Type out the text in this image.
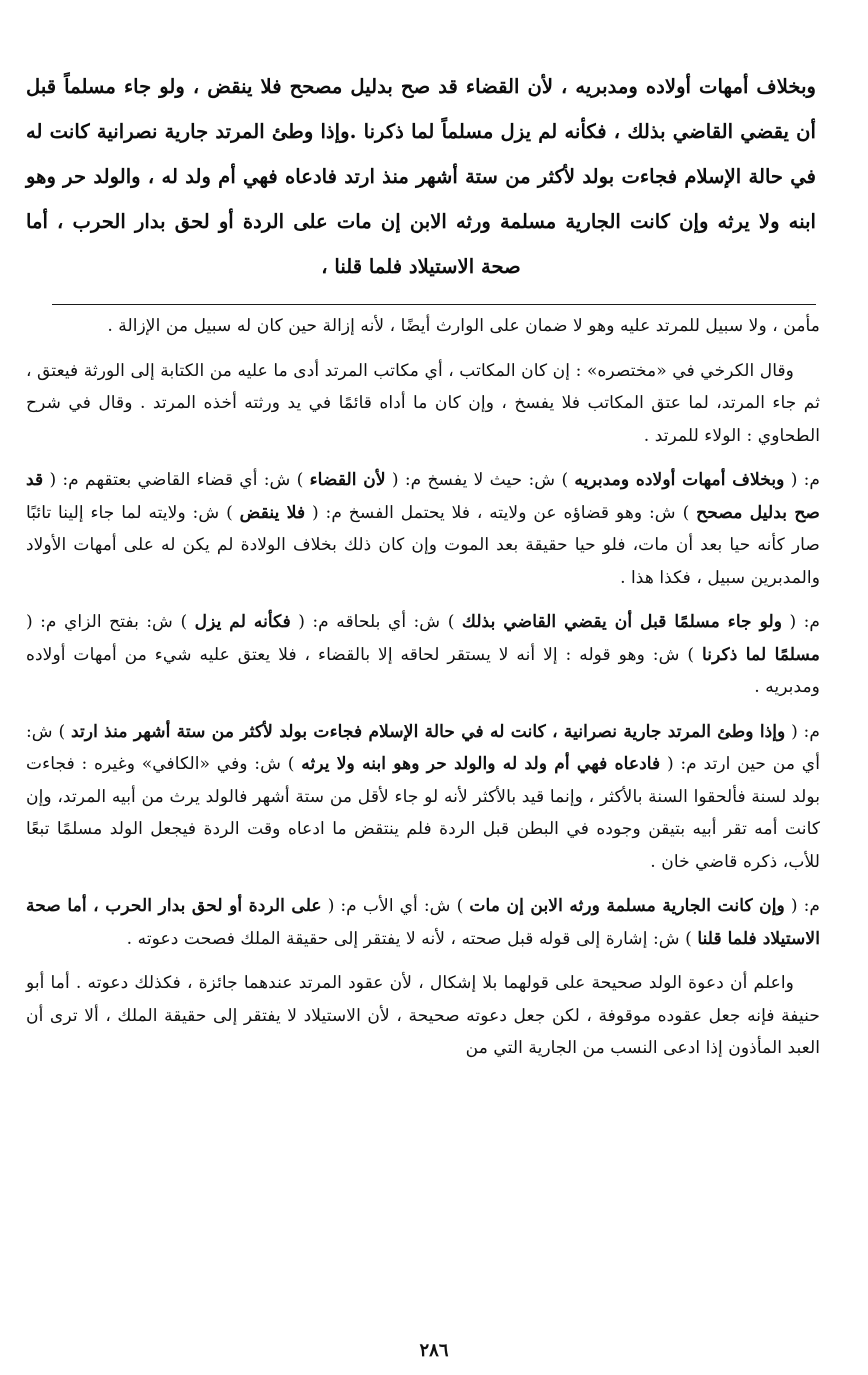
وبخلاف أمهات أولاده ومدبريه ، لأن القضاء قد صح بدليل مصحح فلا ينقض ، ولو جاء مسلماً قبل أن يقضي القاضي بذلك ، فكأنه لم يزل مسلماً لما ذكرنا .وإذا وطئ المرتد جارية نصرانية كانت له في حالة الإسلام فجاءت بولد لأكثر من ستة أشهر منذ ارتد فادعاه فهي أم ولد له ، والولد حر وهو ابنه ولا يرثه وإن كانت الجارية مسلمة ورثه الابن إن مات على الردة أو لحق بدار الحرب ، أما صحة الاستيلاد فلما قلنا ،

مأمن ، ولا سبيل للمرتد عليه وهو لا ضمان على الوارث أيضًا ، لأنه إزالة حين كان له سبيل من الإزالة .

وقال الكرخي في «مختصره» : إن كان المكاتب ، أي مكاتب المرتد أدى ما عليه من الكتابة إلى الورثة فيعتق ، ثم جاء المرتد، لما عتق المكاتب فلا يفسخ ، وإن كان ما أداه قائمًا في يد ورثته أخذه المرتد . وقال في شرح الطحاوي : الولاء للمرتد .

م: ( وبخلاف أمهات أولاده ومدبريه ) ش: حيث لا يفسخ م: ( لأن القضاء ) ش: أي قضاء القاضي بعتقهم م: ( قد صح بدليل مصحح ) ش: وهو قضاؤه عن ولايته ، فلا يحتمل الفسخ م: ( فلا ينقض ) ش: ولايته لما جاء إلينا تائبًا صار كأنه حيا بعد أن مات، فلو حيا حقيقة بعد الموت وإن كان ذلك بخلاف الولادة لم يكن له على أمهات الأولاد والمدبرين سبيل ، فكذا هذا .

م: ( ولو جاء مسلمًا قبل أن يقضي القاضي بذلك ) ش: أي بلحاقه م: ( فكأنه لم يزل ) ش: بفتح الزاي م: ( مسلمًا لما ذكرنا ) ش: وهو قوله : إلا أنه لا يستقر لحاقه إلا بالقضاء ، فلا يعتق عليه شيء من أمهات أولاده ومدبريه .

م: ( وإذا وطئ المرتد جارية نصرانية ، كانت له في حالة الإسلام فجاءت بولد لأكثر من ستة أشهر منذ ارتد ) ش: أي من حين ارتد م: ( فادعاه فهي أم ولد له والولد حر وهو ابنه ولا يرثه ) ش: وفي «الكافي» وغيره : فجاءت بولد لسنة فألحقوا السنة بالأكثر ، وإنما قيد بالأكثر لأنه لو جاء لأقل من ستة أشهر فالولد يرث من أبيه المرتد، وإن كانت أمه تقر أبيه بتيقن وجوده في البطن قبل الردة فلم ينتقض ما ادعاه وقت الردة فيجعل الولد مسلمًا تبعًا للأب، ذكره قاضي خان .

م: ( وإن كانت الجارية مسلمة ورثه الابن إن مات ) ش: أي الأب م: ( على الردة أو لحق بدار الحرب ، أما صحة الاستيلاد فلما قلنا ) ش: إشارة إلى قوله قبل صحته ، لأنه لا يفتقر إلى حقيقة الملك فصحت دعوته .

واعلم أن دعوة الولد صحيحة على قولهما بلا إشكال ، لأن عقود المرتد عندهما جائزة ، فكذلك دعوته . أما أبو حنيفة فإنه جعل عقوده موقوفة ، لكن جعل دعوته صحيحة ، لأن الاستيلاد لا يفتقر إلى حقيقة الملك ، ألا ترى أن العبد المأذون إذا ادعى النسب من الجارية التي من

٢٨٦
